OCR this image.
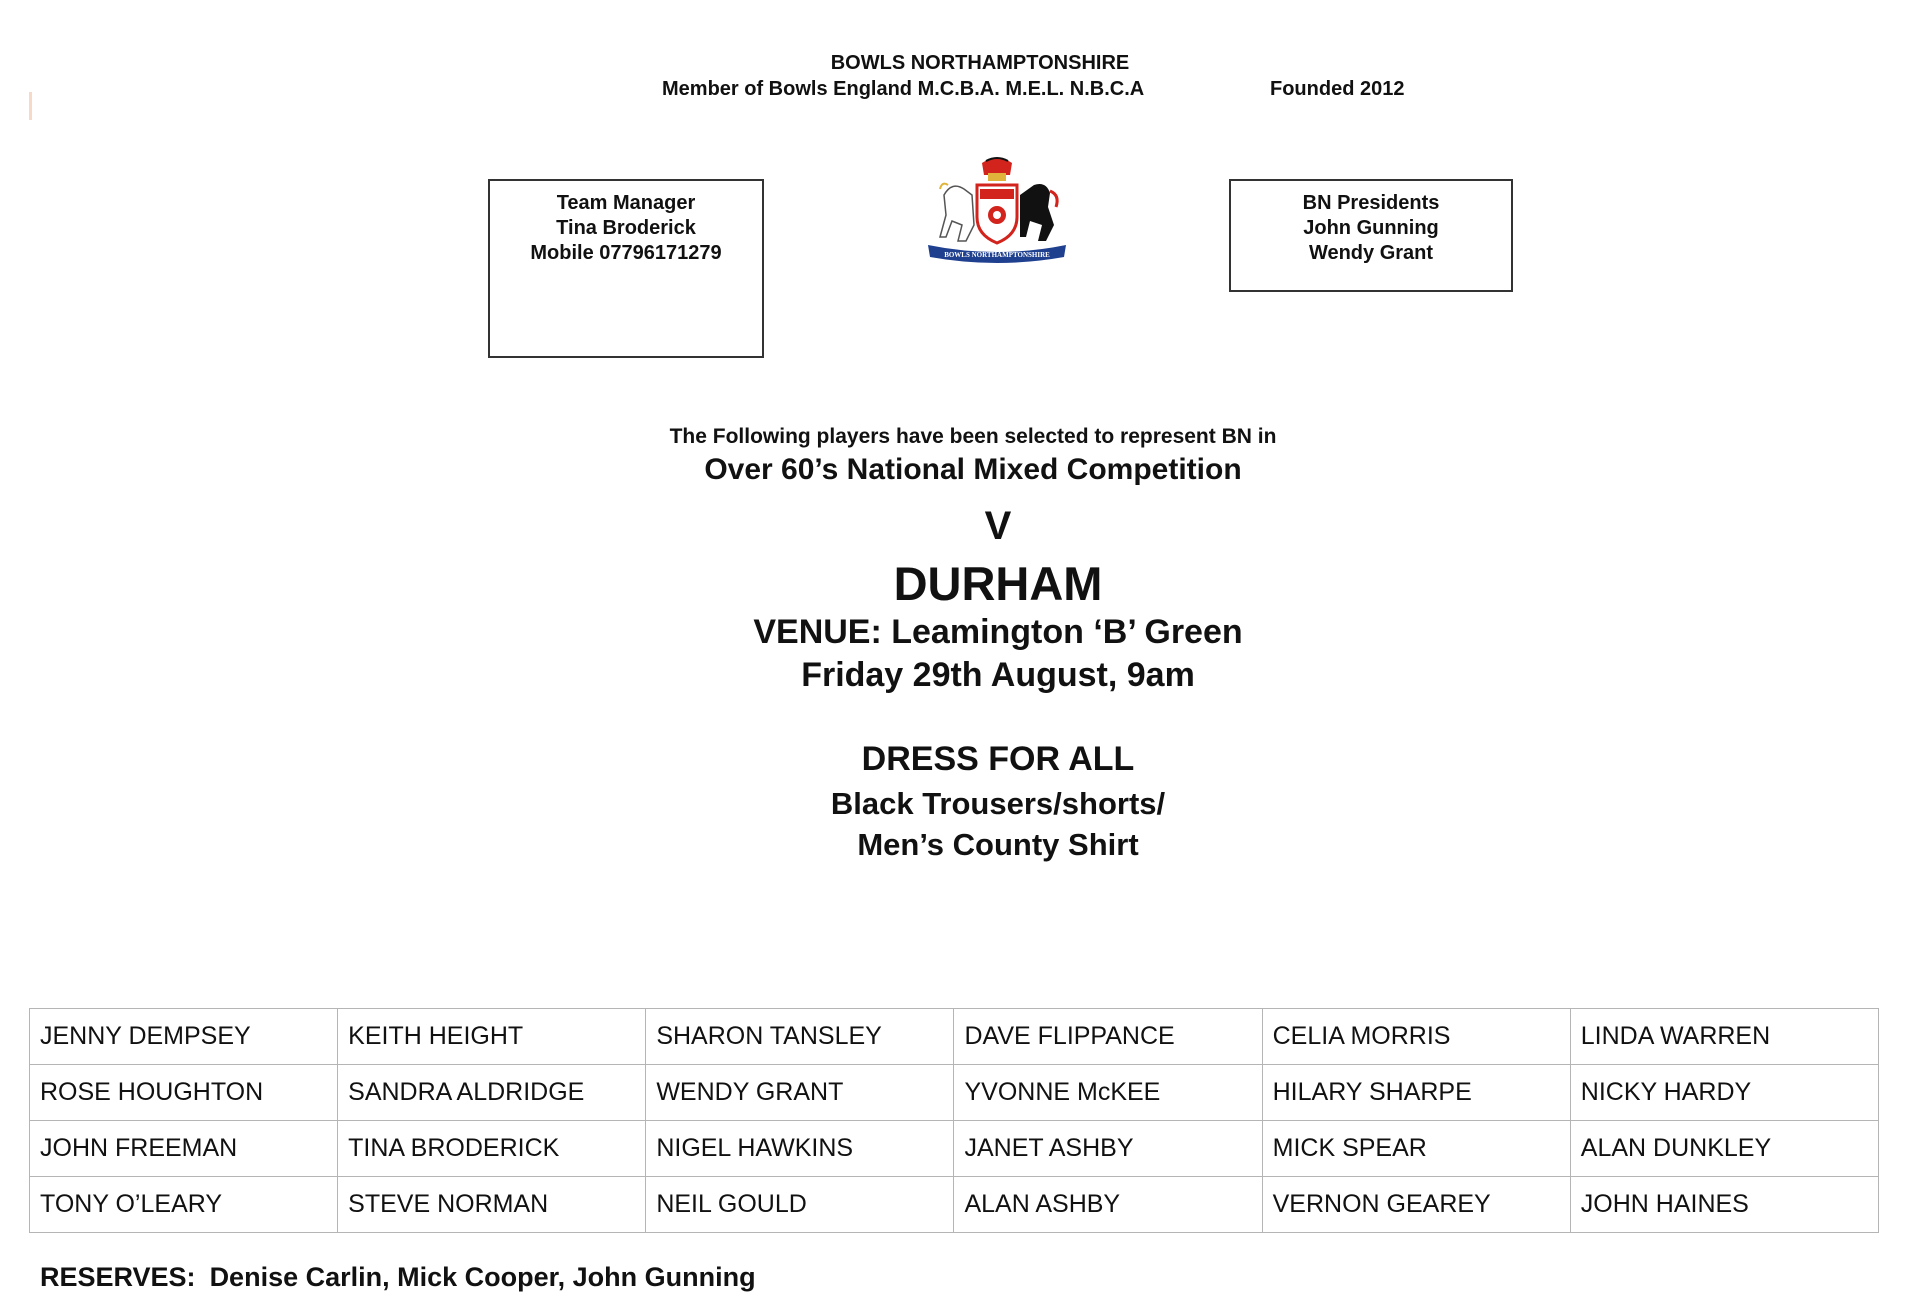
BOWLS NORTHAMPTONSHIRE
Member of Bowls England M.C.B.A. M.E.L. N.B.C.A	Founded 2012
Team Manager
Tina Broderick
Mobile 07796171279	BOWLS NORTHAMPTONSHIRE
BN Presidents
John Gunning
Wendy Grant
The Following players have been selected to represent BN in
Over 60’s National Mixed Competition
V
DURHAM
VENUE: Leamington ‘B’ Green
Friday 29th August, 9am
DRESS FOR ALL
Black Trousers/shorts/
Men’s County Shirt
JENNY DEMPSEY	KEITH HEIGHT	SHARON TANSLEY	DAVE FLIPPANCE	CELIA MORRIS	LINDA WARREN
ROSE HOUGHTON	SANDRA ALDRIDGE	WENDY GRANT	YVONNE McKEE	HILARY SHARPE	NICKY HARDY
JOHN FREEMAN	TINA BRODERICK	NIGEL HAWKINS	JANET ASHBY	MICK SPEAR	ALAN DUNKLEY
TONY O’LEARY	STEVE NORMAN	NEIL GOULD	ALAN ASHBY	VERNON GEAREY	JOHN HAINES
RESERVES: Denise Carlin, Mick Cooper, John Gunning
